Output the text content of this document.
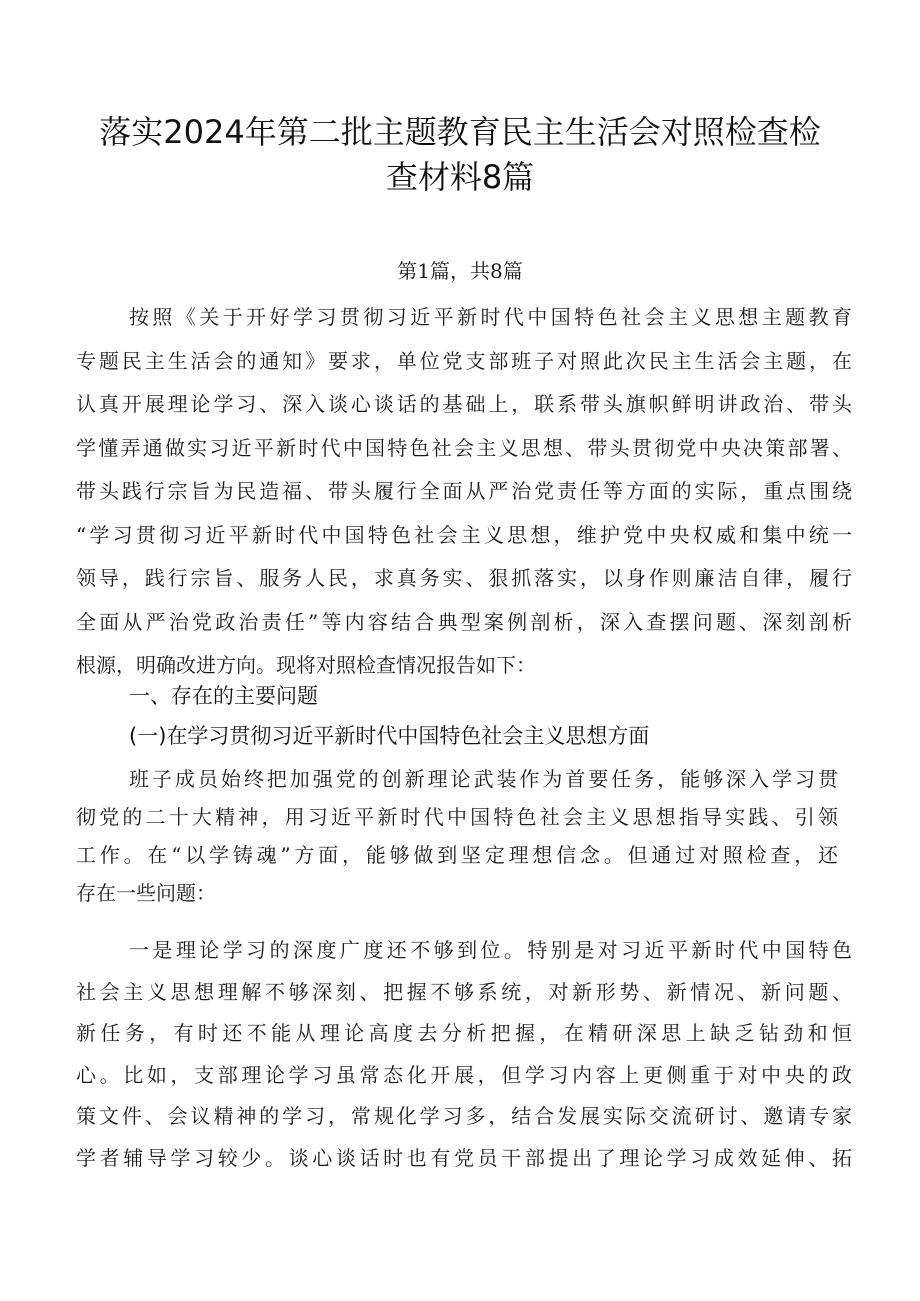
落实2024年第二批主题教育民主生活会对照检查检
查材料8篇

第1篇，共8篇

按照《关于开好学习贯彻习近平新时代中国特色社会主义思想主题教育
专题民主生活会的通知》要求，单位党支部班子对照此次民主生活会主题，在
认真开展理论学习、深入谈心谈话的基础上，联系带头旗帜鲜明讲政治、带头
学懂弄通做实习近平新时代中国特色社会主义思想、带头贯彻党中央决策部署、
带头践行宗旨为民造福、带头履行全面从严治党责任等方面的实际，重点围绕
“学习贯彻习近平新时代中国特色社会主义思想，维护党中央权威和集中统一
领导，践行宗旨、服务人民，求真务实、狠抓落实，以身作则廉洁自律，履行
全面从严治党政治责任”等内容结合典型案例剖析，深入查摆问题、深刻剖析
根源，明确改进方向。现将对照检查情况报告如下：
一、存在的主要问题
(一)在学习贯彻习近平新时代中国特色社会主义思想方面
班子成员始终把加强党的创新理论武装作为首要任务，能够深入学习贯
彻党的二十大精神，用习近平新时代中国特色社会主义思想指导实践、引领
工作。在“以学铸魂”方面，能够做到坚定理想信念。但通过对照检查，还
存在一些问题：
一是理论学习的深度广度还不够到位。特别是对习近平新时代中国特色
社会主义思想理解不够深刻、把握不够系统，对新形势、新情况、新问题、
新任务，有时还不能从理论高度去分析把握，在精研深思上缺乏钻劲和恒
心。比如，支部理论学习虽常态化开展，但学习内容上更侧重于对中央的政
策文件、会议精神的学习，常规化学习多，结合发展实际交流研讨、邀请专家
学者辅导学习较少。谈心谈话时也有党员干部提出了理论学习成效延伸、拓
